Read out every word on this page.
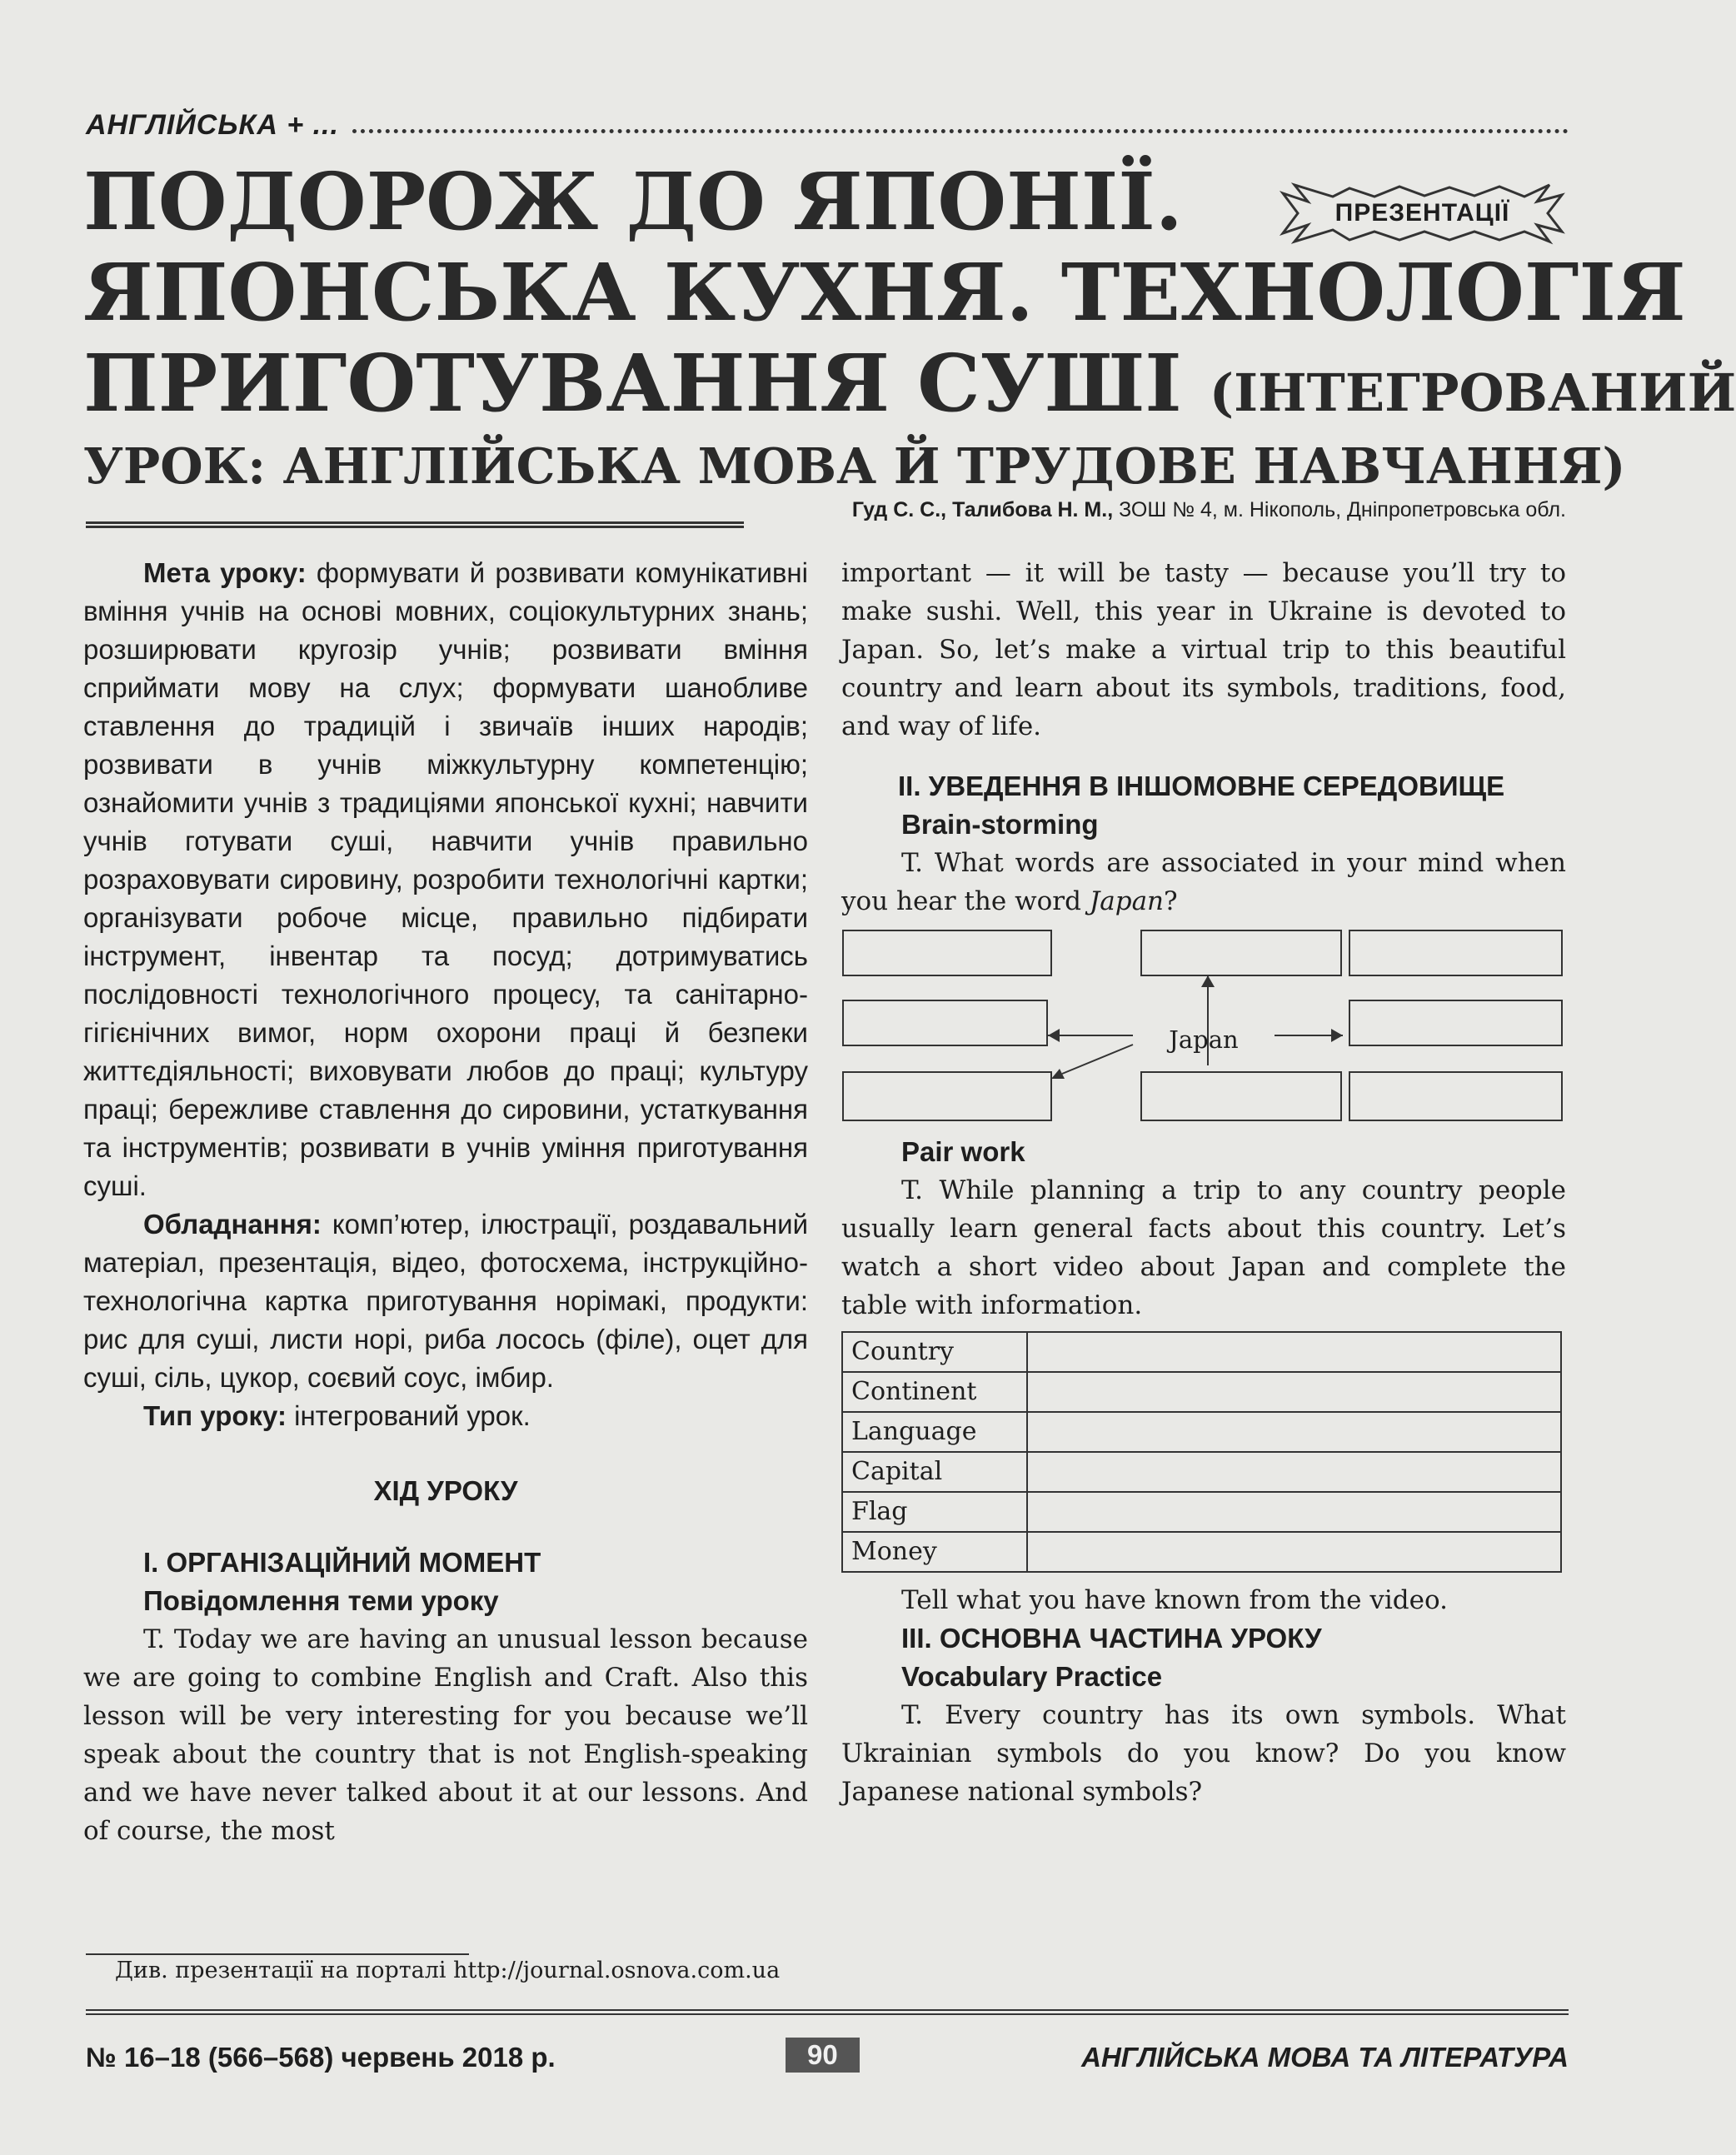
АНГЛІЙСЬКА + ...
ПРЕЗЕНТАЦІЇ
ПОДОРОЖ ДО ЯПОНІЇ.
ЯПОНСЬКА КУХНЯ. ТЕХНОЛОГІЯ
ПРИГОТУВАННЯ СУШІ (ІНТЕГРОВАНИЙ
УРОК: АНГЛІЙСЬКА МОВА Й ТРУДОВЕ НАВЧАННЯ)
Гуд С. С., Талибова Н. М., ЗОШ № 4, м. Нікополь, Дніпропетровська обл.

Мета уроку: формувати й розвивати комунікативні вміння учнів на основі мовних, соціокультурних знань; розширювати кругозір учнів; розвивати вміння сприймати мову на слух; формувати шанобливе ставлення до традицій і звичаїв інших народів; розвивати в учнів міжкультурну компетенцію; ознайомити учнів з традиціями японської кухні; навчити учнів готувати суші, навчити учнів правильно розраховувати сировину, розробити технологічні картки; організувати робоче місце, правильно підбирати інструмент, інвентар та посуд; дотримуватись послідовності технологічного процесу, та санітарно-гігієнічних вимог, норм охорони праці й безпеки життєдіяльності; виховувати любов до праці; культуру праці; бережливе ставлення до сировини, устаткування та інструментів; розвивати в учнів уміння приготування суші.

Обладнання: комп’ютер, ілюстрації, роздавальний матеріал, презентація, відео, фотосхема, інструкційно-технологічна картка приготування норімакі, продукти: рис для суші, листи норі, риба лосось (філе), оцет для суші, сіль, цукор, соєвий соус, імбир.

Тип уроку: інтегрований урок.

ХІД УРОКУ
І. ОРГАНІЗАЦІЙНИЙ МОМЕНТ
Повідомлення теми уроку

T. Today we are having an unusual lesson because we are going to combine English and Craft. Also this lesson will be very interesting for you because we’ll speak about the country that is not English-speaking and we have never talked about it at our lessons. And of course, the most

important — it will be tasty — because you’ll try to make sushi. Well, this year in Ukraine is devoted to Japan. So, let’s make a virtual trip to this beautiful country and learn about its symbols, traditions, food, and way of life.

ІІ. УВЕДЕННЯ В ІНШОМОВНЕ СЕРЕДОВИЩЕ
Brain-storming

T. What words are associated in your mind when you hear the word Japan?

Japan
Pair work

T. While planning a trip to any country people usually learn general facts about this country. Let’s watch a short video about Japan and complete the table with information.

Country	
Continent	
Language	
Capital	
Flag	
Money	

Tell what you have known from the video.

ІІІ. ОСНОВНА ЧАСТИНА УРОКУ
Vocabulary Practice

T. Every country has its own symbols. What Ukrainian symbols do you know? Do you know Japanese national symbols?

Див. презентації на порталі http://journal.osnova.com.ua
№ 16–18 (566–568) червень 2018 р.	90	АНГЛІЙСЬКА МОВА ТА ЛІТЕРАТУРА
